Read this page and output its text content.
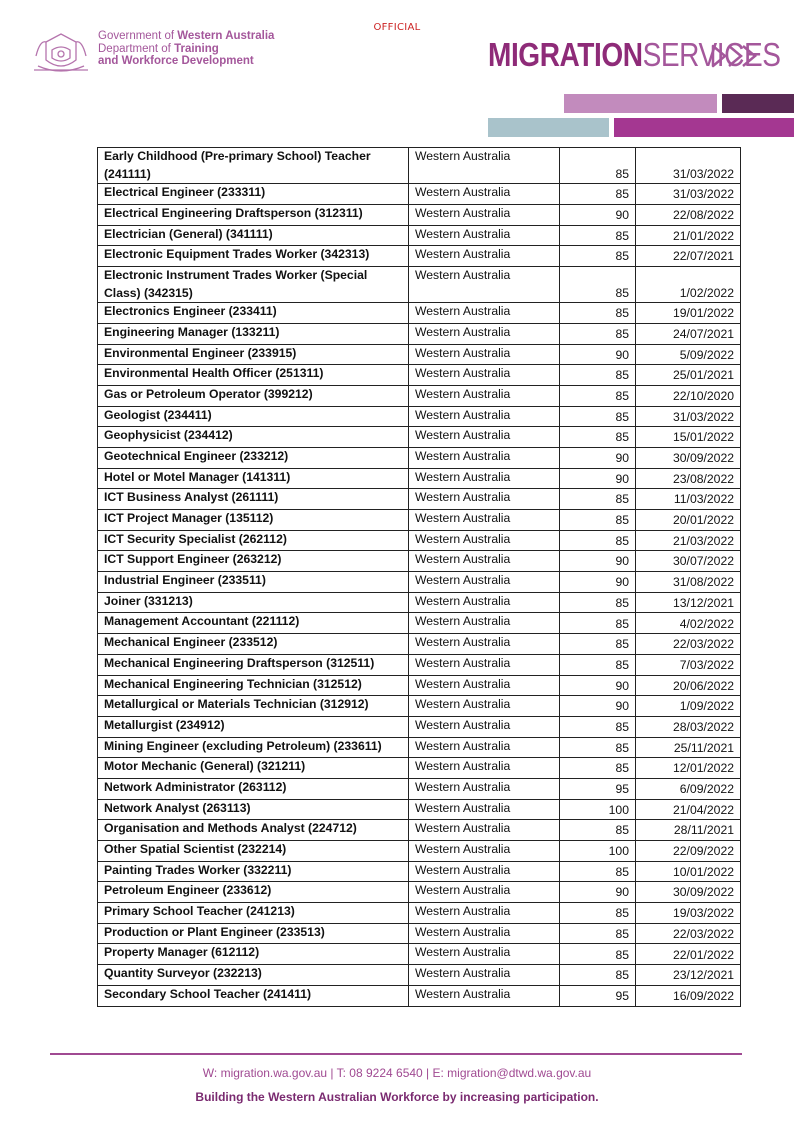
OFFICIAL
Government of Western Australia
Department of Training
and Workforce Development	MIGRATIONSERVICES
Early Childhood (Pre-primary School) Teacher (241111)	Western Australia	85	31/03/2022
Electrical Engineer (233311)	Western Australia	85	31/03/2022
Electrical Engineering Draftsperson (312311)	Western Australia	90	22/08/2022
Electrician (General) (341111)	Western Australia	85	21/01/2022
Electronic Equipment Trades Worker (342313)	Western Australia	85	22/07/2021
Electronic Instrument Trades Worker (Special Class) (342315)	Western Australia	85	1/02/2022
Electronics Engineer (233411)	Western Australia	85	19/01/2022
Engineering Manager (133211)	Western Australia	85	24/07/2021
Environmental Engineer (233915)	Western Australia	90	5/09/2022
Environmental Health Officer (251311)	Western Australia	85	25/01/2021
Gas or Petroleum Operator (399212)	Western Australia	85	22/10/2020
Geologist (234411)	Western Australia	85	31/03/2022
Geophysicist (234412)	Western Australia	85	15/01/2022
Geotechnical Engineer (233212)	Western Australia	90	30/09/2022
Hotel or Motel Manager (141311)	Western Australia	90	23/08/2022
ICT Business Analyst (261111)	Western Australia	85	11/03/2022
ICT Project Manager (135112)	Western Australia	85	20/01/2022
ICT Security Specialist (262112)	Western Australia	85	21/03/2022
ICT Support Engineer (263212)	Western Australia	90	30/07/2022
Industrial Engineer (233511)	Western Australia	90	31/08/2022
Joiner (331213)	Western Australia	85	13/12/2021
Management Accountant (221112)	Western Australia	85	4/02/2022
Mechanical Engineer (233512)	Western Australia	85	22/03/2022
Mechanical Engineering Draftsperson (312511)	Western Australia	85	7/03/2022
Mechanical Engineering Technician (312512)	Western Australia	90	20/06/2022
Metallurgical or Materials Technician (312912)	Western Australia	90	1/09/2022
Metallurgist (234912)	Western Australia	85	28/03/2022
Mining Engineer (excluding Petroleum) (233611)	Western Australia	85	25/11/2021
Motor Mechanic (General) (321211)	Western Australia	85	12/01/2022
Network Administrator (263112)	Western Australia	95	6/09/2022
Network Analyst (263113)	Western Australia	100	21/04/2022
Organisation and Methods Analyst (224712)	Western Australia	85	28/11/2021
Other Spatial Scientist (232214)	Western Australia	100	22/09/2022
Painting Trades Worker (332211)	Western Australia	85	10/01/2022
Petroleum Engineer (233612)	Western Australia	90	30/09/2022
Primary School Teacher (241213)	Western Australia	85	19/03/2022
Production or Plant Engineer (233513)	Western Australia	85	22/03/2022
Property Manager (612112)	Western Australia	85	22/01/2022
Quantity Surveyor (232213)	Western Australia	85	23/12/2021
Secondary School Teacher (241411)	Western Australia	95	16/09/2022
W: migration.wa.gov.au | T: 08 9224 6540 | E: migration@dtwd.wa.gov.au
Building the Western Australian Workforce by increasing participation.
